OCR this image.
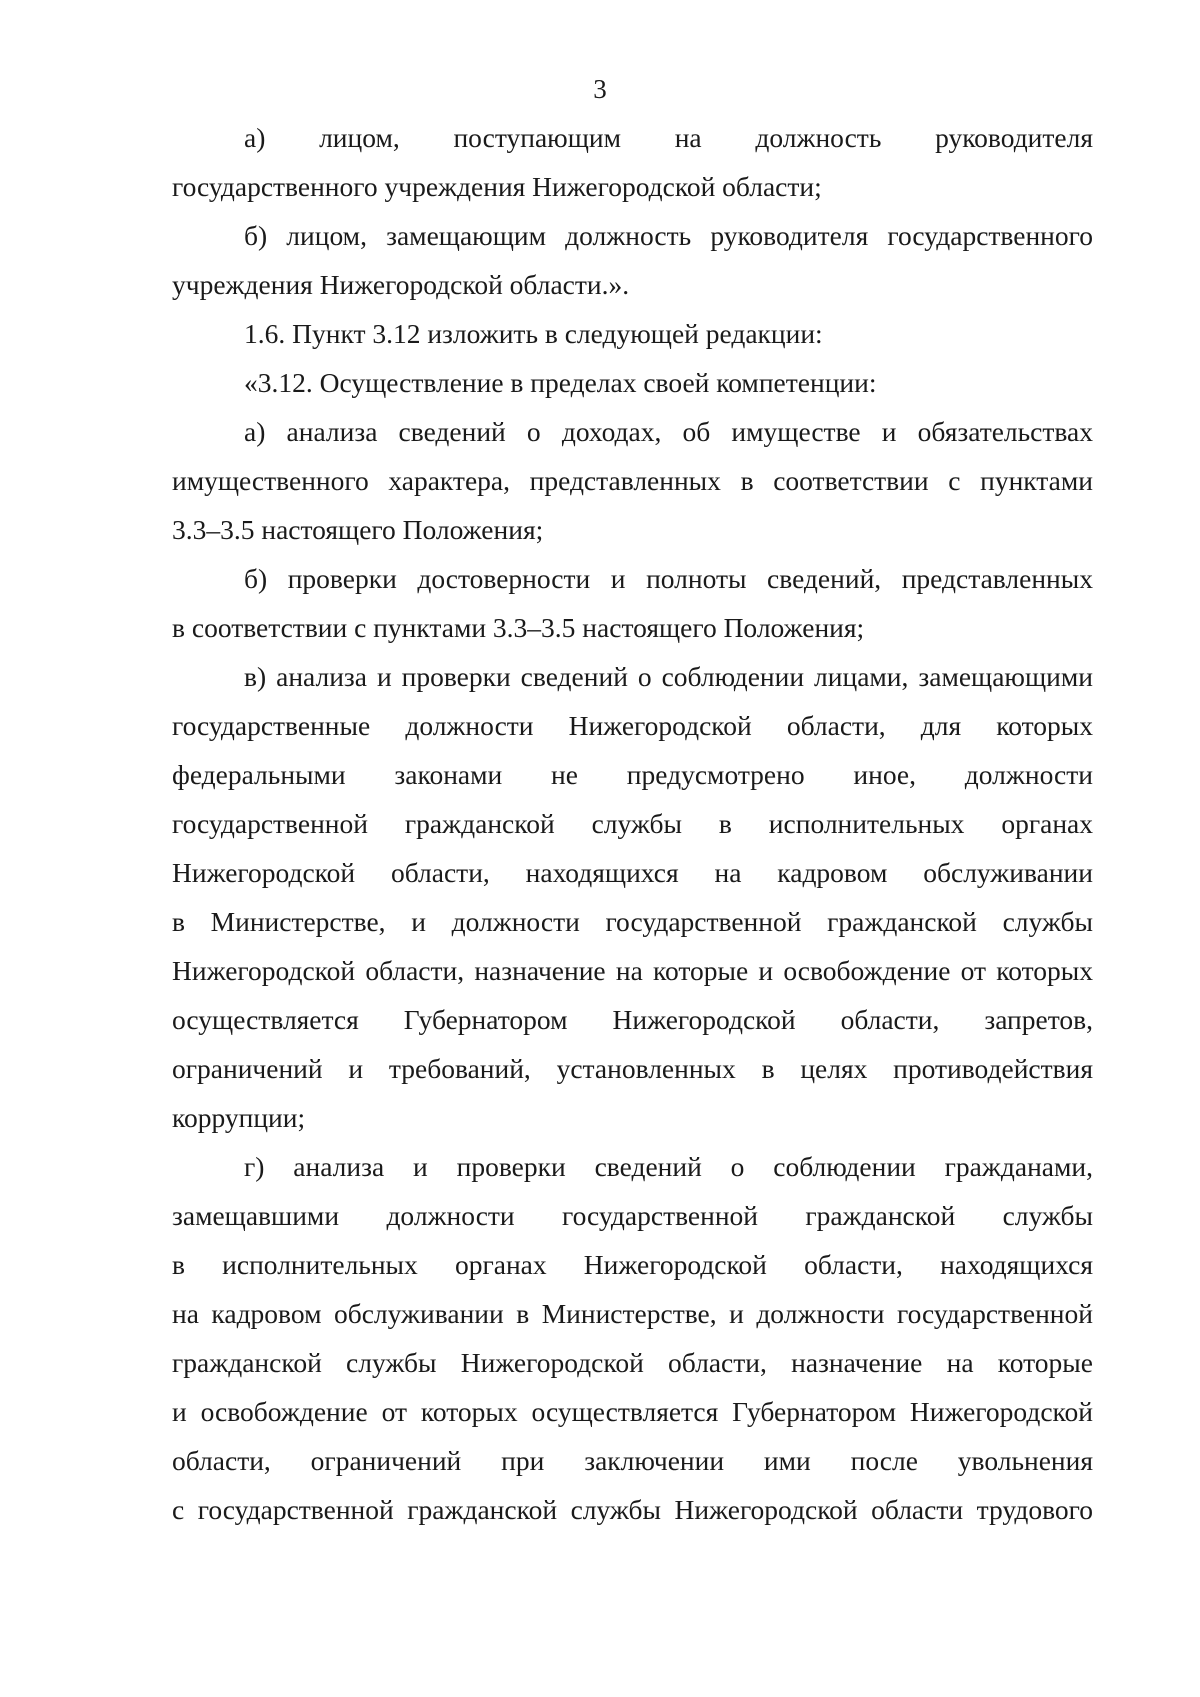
3
а) лицом, поступающим на должность руководителя
государственного учреждения Нижегородской области;
б) лицом, замещающим должность руководителя государственного
учреждения Нижегородской области.».
1.6. Пункт 3.12 изложить в следующей редакции:
«3.12. Осуществление в пределах своей компетенции:
а) анализа сведений о доходах, об имуществе и обязательствах
имущественного характера, представленных в соответствии с пунктами
3.3–3.5 настоящего Положения;
б) проверки достоверности и полноты сведений, представленных
в соответствии с пунктами 3.3–3.5 настоящего Положения;
в) анализа и проверки сведений о соблюдении лицами, замещающими
государственные должности Нижегородской области, для которых
федеральными законами не предусмотрено иное, должности
государственной гражданской службы в исполнительных органах
Нижегородской области, находящихся на кадровом обслуживании
в Министерстве, и должности государственной гражданской службы
Нижегородской области, назначение на которые и освобождение от которых
осуществляется Губернатором Нижегородской области, запретов,
ограничений и требований, установленных в целях противодействия
коррупции;
г) анализа и проверки сведений о соблюдении гражданами,
замещавшими должности государственной гражданской службы
в исполнительных органах Нижегородской области, находящихся
на кадровом обслуживании в Министерстве, и должности государственной
гражданской службы Нижегородской области, назначение на которые
и освобождение от которых осуществляется Губернатором Нижегородской
области, ограничений при заключении ими после увольнения
с государственной гражданской службы Нижегородской области трудового
